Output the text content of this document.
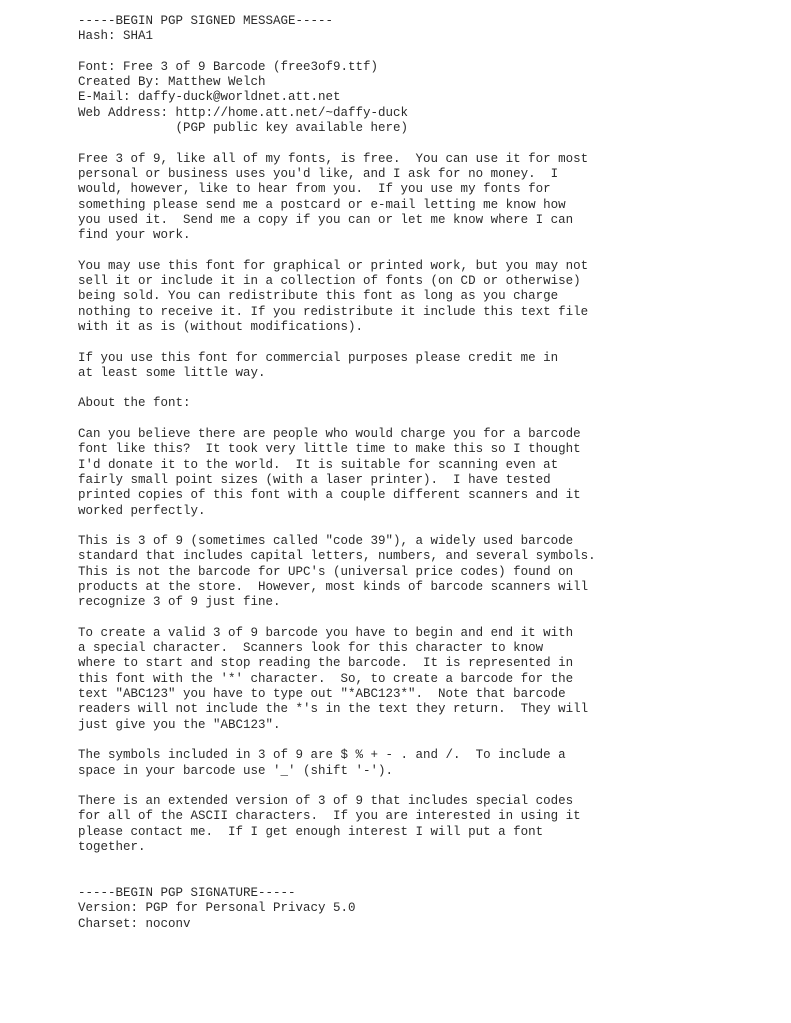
-----BEGIN PGP SIGNED MESSAGE-----
Hash: SHA1
Font: Free 3 of 9 Barcode (free3of9.ttf)
Created By: Matthew Welch
E-Mail: daffy-duck@worldnet.att.net
Web Address: http://home.att.net/~daffy-duck
(PGP public key available here)
Free 3 of 9, like all of my fonts, is free.  You can use it for most
personal or business uses you'd like, and I ask for no money.  I
would, however, like to hear from you.  If you use my fonts for
something please send me a postcard or e-mail letting me know how
you used it.  Send me a copy if you can or let me know where I can
find your work.
You may use this font for graphical or printed work, but you may not
sell it or include it in a collection of fonts (on CD or otherwise)
being sold. You can redistribute this font as long as you charge
nothing to receive it. If you redistribute it include this text file
with it as is (without modifications).
If you use this font for commercial purposes please credit me in
at least some little way.
About the font:
Can you believe there are people who would charge you for a barcode
font like this?  It took very little time to make this so I thought
I'd donate it to the world.  It is suitable for scanning even at
fairly small point sizes (with a laser printer).  I have tested
printed copies of this font with a couple different scanners and it
worked perfectly.
This is 3 of 9 (sometimes called "code 39"), a widely used barcode
standard that includes capital letters, numbers, and several symbols.
This is not the barcode for UPC's (universal price codes) found on
products at the store.  However, most kinds of barcode scanners will
recognize 3 of 9 just fine.
To create a valid 3 of 9 barcode you have to begin and end it with
a special character.  Scanners look for this character to know
where to start and stop reading the barcode.  It is represented in
this font with the '*' character.  So, to create a barcode for the
text "ABC123" you have to type out "*ABC123*".  Note that barcode
readers will not include the *'s in the text they return.  They will
just give you the "ABC123".
The symbols included in 3 of 9 are $ % + - . and /.  To include a
space in your barcode use '_' (shift '-').
There is an extended version of 3 of 9 that includes special codes
for all of the ASCII characters.  If you are interested in using it
please contact me.  If I get enough interest I will put a font
together.
-----BEGIN PGP SIGNATURE-----
Version: PGP for Personal Privacy 5.0
Charset: noconv
